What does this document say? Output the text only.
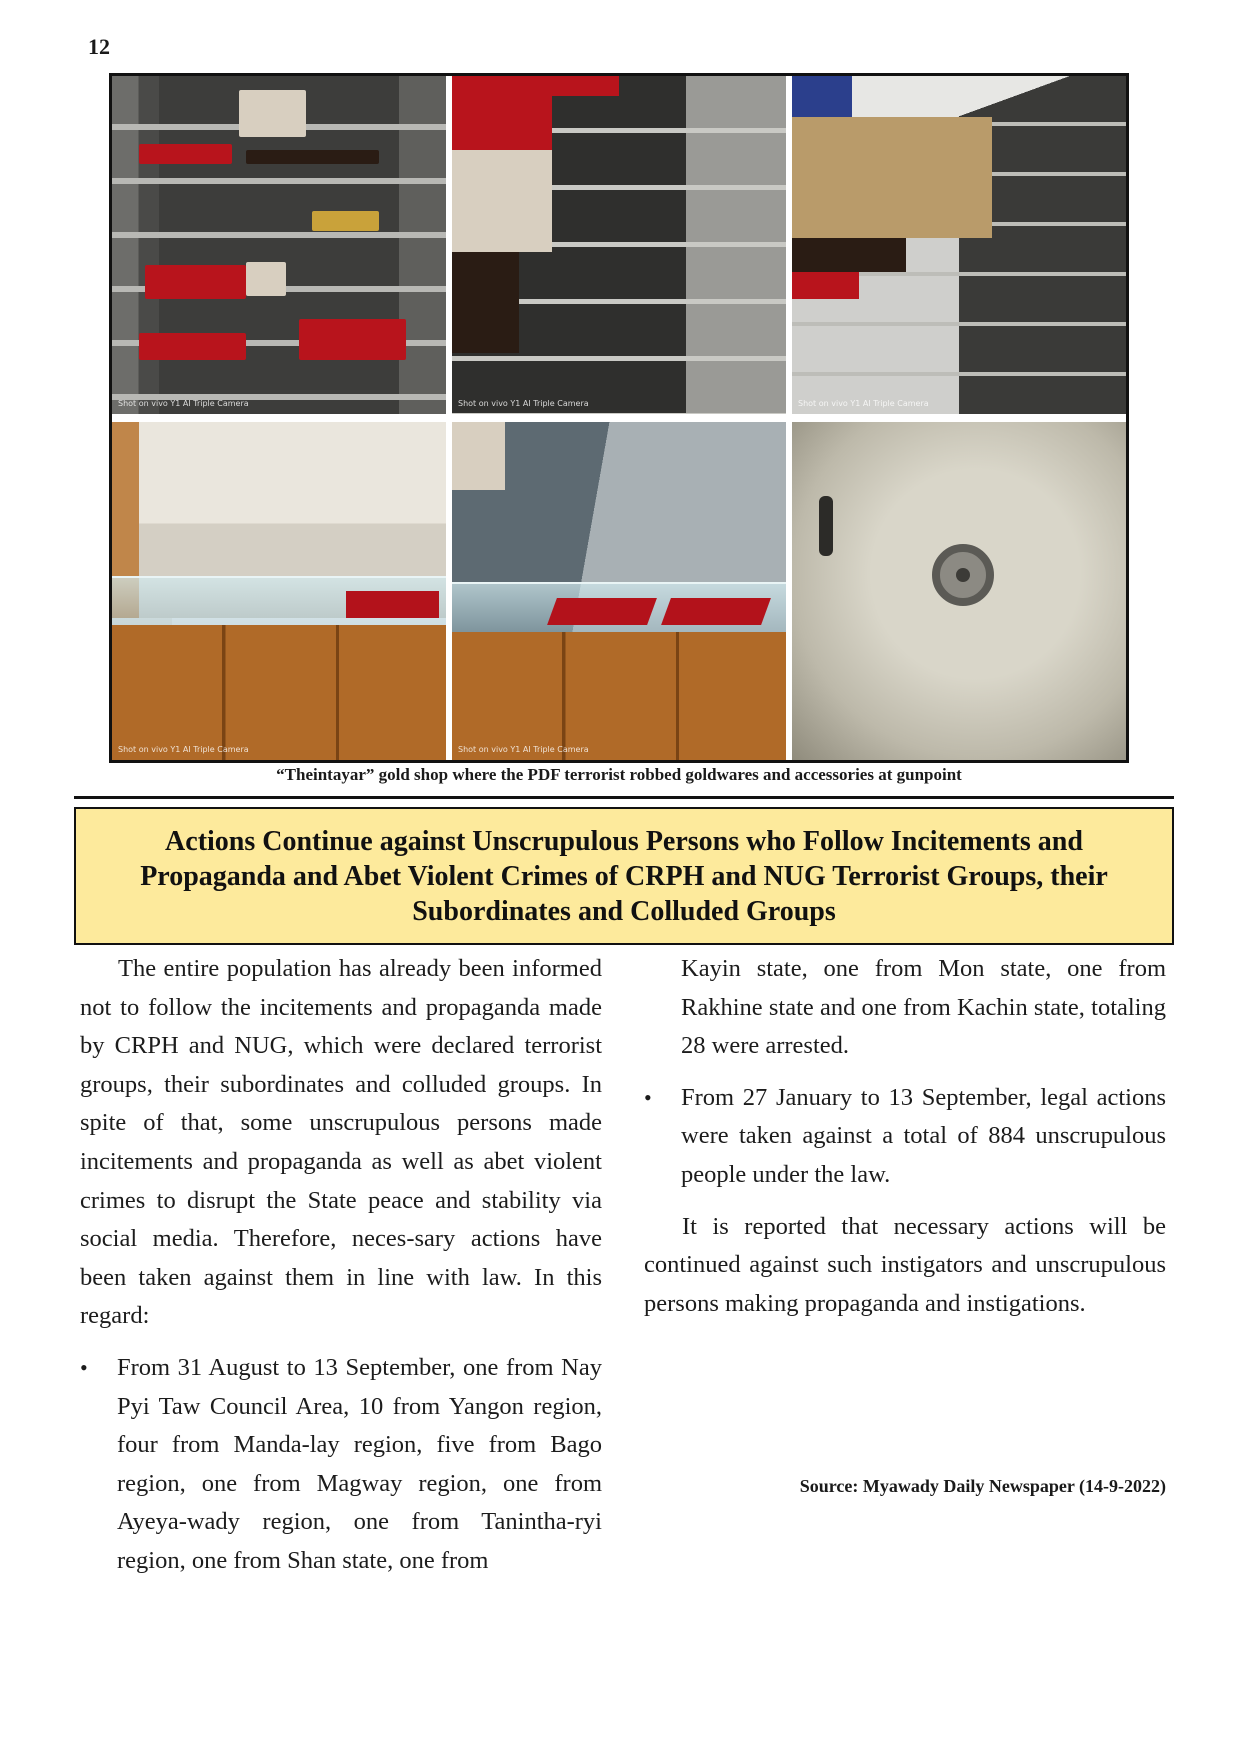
12
Shot on vivo Y1 AI Triple Camera	Shot on vivo Y1 AI Triple Camera	Shot on vivo Y1 AI Triple Camera
Shot on vivo Y1 AI Triple Camera	Shot on vivo Y1 AI Triple Camera
“Theintayar” gold shop where the PDF terrorist robbed goldwares and accessories at gunpoint
Actions Continue against Unscrupulous Persons who Follow Incitements and Propaganda and Abet Violent Crimes of CRPH and NUG Terrorist Groups, their Subordinates and Colluded Groups

The entire population has already been informed not to follow the incitements and propaganda made by CRPH and NUG, which were declared terrorist groups, their subordinates and colluded groups. In spite of that, some unscrupulous persons made incitements and propaganda as well as abet violent crimes to disrupt the State peace and stability via social media. Therefore, neces-sary actions have been taken against them in line with law. In this regard:

• From 31 August to 13 September, one from Nay Pyi Taw Council Area, 10 from Yangon region, four from Manda-lay region, five from Bago region, one from Magway region, one from Ayeya-wady region, one from Tanintha-ryi region, one from Shan state, one from

Kayin state, one from Mon state, one from Rakhine state and one from Kachin state, totaling 28 were arrested.

• From 27 January to 13 September, legal actions were taken against a total of 884 unscrupulous people under the law.

It is reported that necessary actions will be continued against such instigators and unscrupulous persons making propaganda and instigations.

Source: Myawady Daily Newspaper (14-9-2022)
